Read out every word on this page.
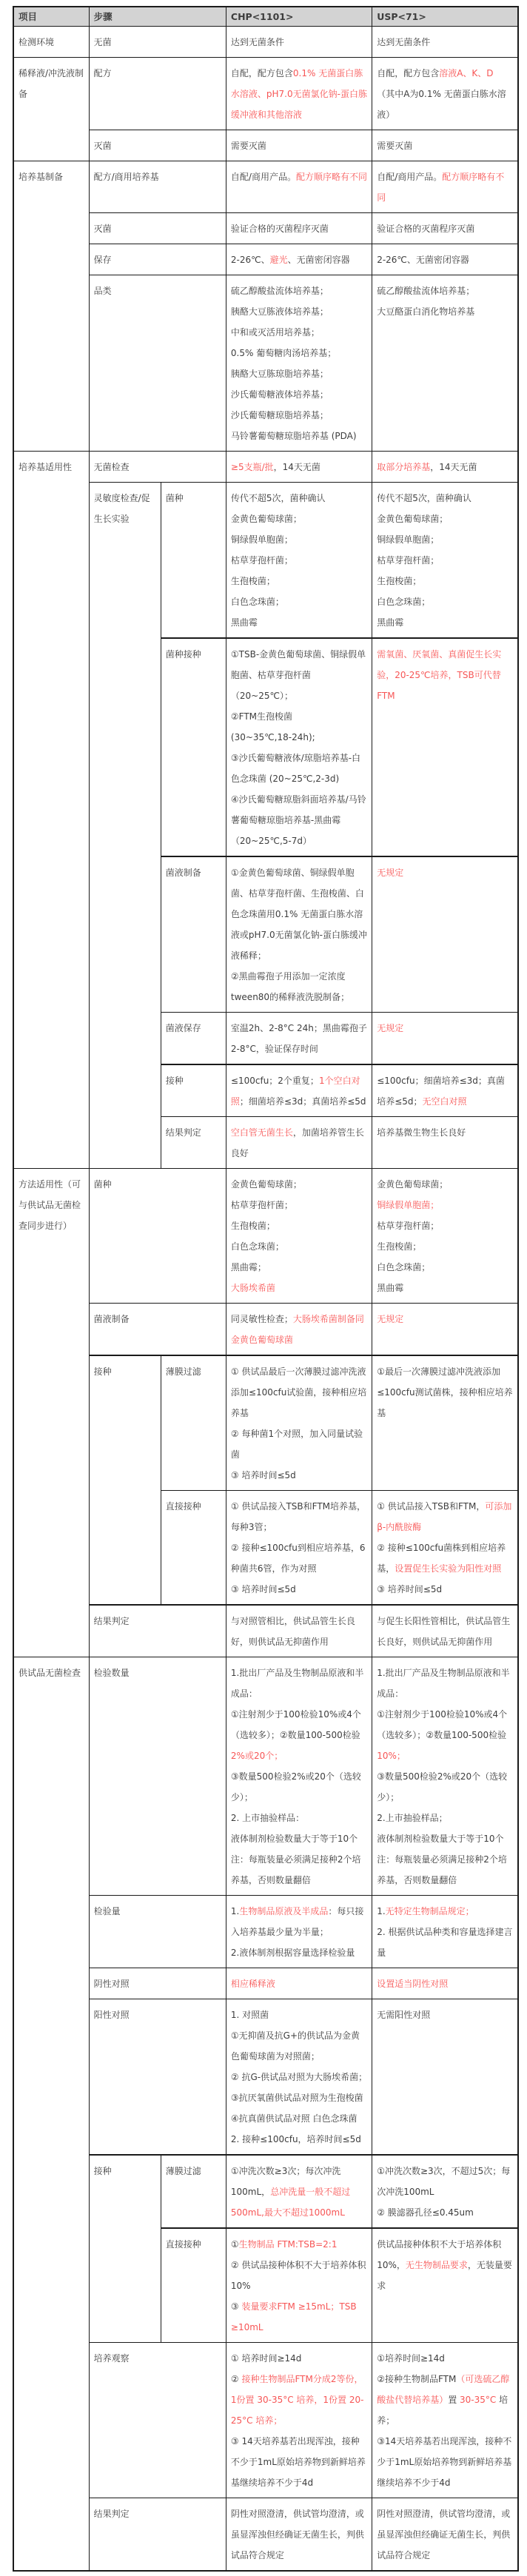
项目	步骤		CHP<1101>	USP<71>
检测环境	无菌		达到无菌条件	达到无菌条件
稀释液/冲洗液制备	配方		自配，配方包含0.1% 无菌蛋白胨水溶液、pH7.0无菌氯化钠-蛋白胨缓冲液和其他溶液	自配，配方包含溶液A、K、D
（其中A为0.1% 无菌蛋白胨水溶液）
	灭菌		需要灭菌	需要灭菌
培养基制备	配方/商用培养基		自配/商用产品。配方顺序略有不同	自配/商用产品。配方顺序略有不同
	灭菌		验证合格的灭菌程序灭菌	验证合格的灭菌程序灭菌
	保存		2-26℃、避光、无菌密闭容器	2-26℃、无菌密闭容器
品类	硫乙醇酸盐流体培养基；
胰酪大豆胨液体培养基；
中和或灭活用培养基；
0.5% 葡萄糖肉汤培养基；
胰酪大豆胨琼脂培养基；
沙氏葡萄糖液体培养基；
沙氏葡萄糖琼脂培养基；
马铃薯葡萄糖琼脂培养基 (PDA)	硫乙醇酸盐流体培养基；
大豆酪蛋白消化物培养基
培养基适用性	无菌检查		≥5支瓶/批，14天无菌	取部分培养基，14天无菌
灵敏度检查/促生长实验	菌种	传代不超5次，菌种确认
金黄色葡萄球菌；
铜绿假单胞菌；
枯草芽孢杆菌；
生孢梭菌；
白色念珠菌；
黑曲霉	传代不超5次，菌种确认
金黄色葡萄球菌；
铜绿假单胞菌；
枯草芽孢杆菌；
生孢梭菌；
白色念珠菌；
黑曲霉
		菌种接种	①TSB-金黄色葡萄球菌、铜绿假单胞菌、枯草芽孢杆菌（20~25℃）；
②FTM生孢梭菌
(30~35℃,18-24h);
③沙氏葡萄糖液体/琼脂培养基-白色念珠菌 (20~25℃,2-3d)
④沙氏葡萄糖琼脂斜面培养基/马铃薯葡萄糖琼脂培养基-黑曲霉（20~25℃,5-7d）	需氧菌、厌氧菌、真菌促生长实验，20-25℃培养，TSB可代替FTM
		菌液制备	①金黄色葡萄球菌、铜绿假单胞菌、枯草芽孢杆菌、生孢梭菌、白色念珠菌用0.1% 无菌蛋白胨水溶液或pH7.0无菌氯化钠-蛋白胨缓冲液稀释；
②黑曲霉孢子用添加一定浓度tween80的稀释液洗脱制备；	无规定
		菌液保存	室温2h、2-8°C 24h；黑曲霉孢子2-8°C，验证保存时间	无规定
		接种	≤100cfu；2个重复；1个空白对照；细菌培养≤3d；真菌培养≤5d	≤100cfu；细菌培养≤3d；真菌培养≤5d；无空白对照
		结果判定	空白管无菌生长，加菌培养管生长良好	培养基微生物生长良好
方法适用性（可与供试品无菌检查同步进行）	菌种	金黄色葡萄球菌；
枯草芽孢杆菌；
生孢梭菌；
白色念珠菌；
黑曲霉；
大肠埃希菌	金黄色葡萄球菌；
铜绿假单胞菌；
枯草芽孢杆菌；
生孢梭菌；
白色念珠菌；
黑曲霉
	菌液制备		同灵敏性检查；大肠埃希菌制备同金黄色葡萄球菌	无规定
	接种	薄膜过滤	① 供试品最后一次薄膜过滤冲洗液添加≤100cfu试验菌，接种相应培养基
② 每种菌1个对照，加入同量试验菌
③ 培养时间≤5d	①最后一次薄膜过滤冲洗液添加≤100cfu测试菌株，接种相应培养基
		直接接种	① 供试品接入TSB和FTM培养基，每种3管；
② 接种≤100cfu到相应培养基，6种菌共6管，作为对照
③ 培养时间≤5d	① 供试品接入TSB和FTM，可添加β-内酰胺酶
② 接种≤100cfu菌株到相应培养基，设置促生长实验为阳性对照
③ 培养时间≤5d
	结果判定		与对照管相比，供试品管生长良好，则供试品无抑菌作用	与促生长阳性管相比，供试品管生长良好，则供试品无抑菌作用
供试品无菌检查	检验数量	1.批出厂产品及生物制品原液和半成品：
①注射剂少于100检验10%或4个（选较多）；②数量100-500检验2%或20个；
③数量500检验2%或20个（选较少）；
2. 上市抽验样品：
液体制剂检验数量大于等于10个
注：每瓶装量必须满足接种2个培养基，否则数量翻倍	1.批出厂产品及生物制品原液和半成品：
①注射剂少于100检验10%或4个（选较多）；②数量100-500检验10%；
③数量500检验2%或20个（选较少）；
2.上市抽验样品；
液体制剂检验数量大于等于10个
注：每瓶装量必须满足接种2个培养基，否则数量翻倍
	检验量		1.生物制品原液及半成品：每只接入培养基最少量为半量；
2.液体制剂根据容量选择检验量	1.无特定生物制品规定；
2. 根据供试品种类和容量选择建言量
	阴性对照		相应稀释液	设置适当阴性对照
阳性对照	1. 对照菌
①无抑菌及抗G+的供试品为金黄色葡萄球菌为对照菌；
② 抗G-供试品对照为大肠埃希菌；
③抗厌氧菌供试品对照为生孢梭菌
④抗真菌供试品对照 白色念珠菌
2. 接种≤100cfu，培养时间≤5d	无需阳性对照
	接种	薄膜过滤	①冲洗次数≥3次；每次冲洗100mL，总冲洗量一般不超过500mL,最大不超过1000mL	①冲洗次数≥3次，不超过5次；每次冲洗100mL
② 膜滤器孔径≤0.45um
		直接接种	①生物制品 FTM:TSB=2:1
② 供试品接种体积不大于培养体积10%
③ 装量要求FTM ≥15mL；TSB ≥10mL	供试品接种体积不大于培养体积10%，无生物制品要求，无装量要求
	培养观察		① 培养时间≥14d
② 接种生物制品FTM分成2等份，1份置 30-35°C 培养，1份置 20-25°C 培养；
③ 14天培养基若出现浑浊，接种不少于1mL原始培养物到新鲜培养基继续培养不少于4d	①培养时间≥14d
②接种生物制品FTM（可选硫乙醇酸盐代替培养基）置 30-35°C 培养；
③14天培养基若出现浑浊，接种不少于1mL原始培养物到新鲜培养基继续培养不少于4d
	结果判定		阴性对照澄清，供试管均澄清，或虽显浑浊但经确证无菌生长，判供试品符合规定	阴性对照澄清，供试管均澄清，或虽显浑浊但经确证无菌生长，判供试品符合规定
